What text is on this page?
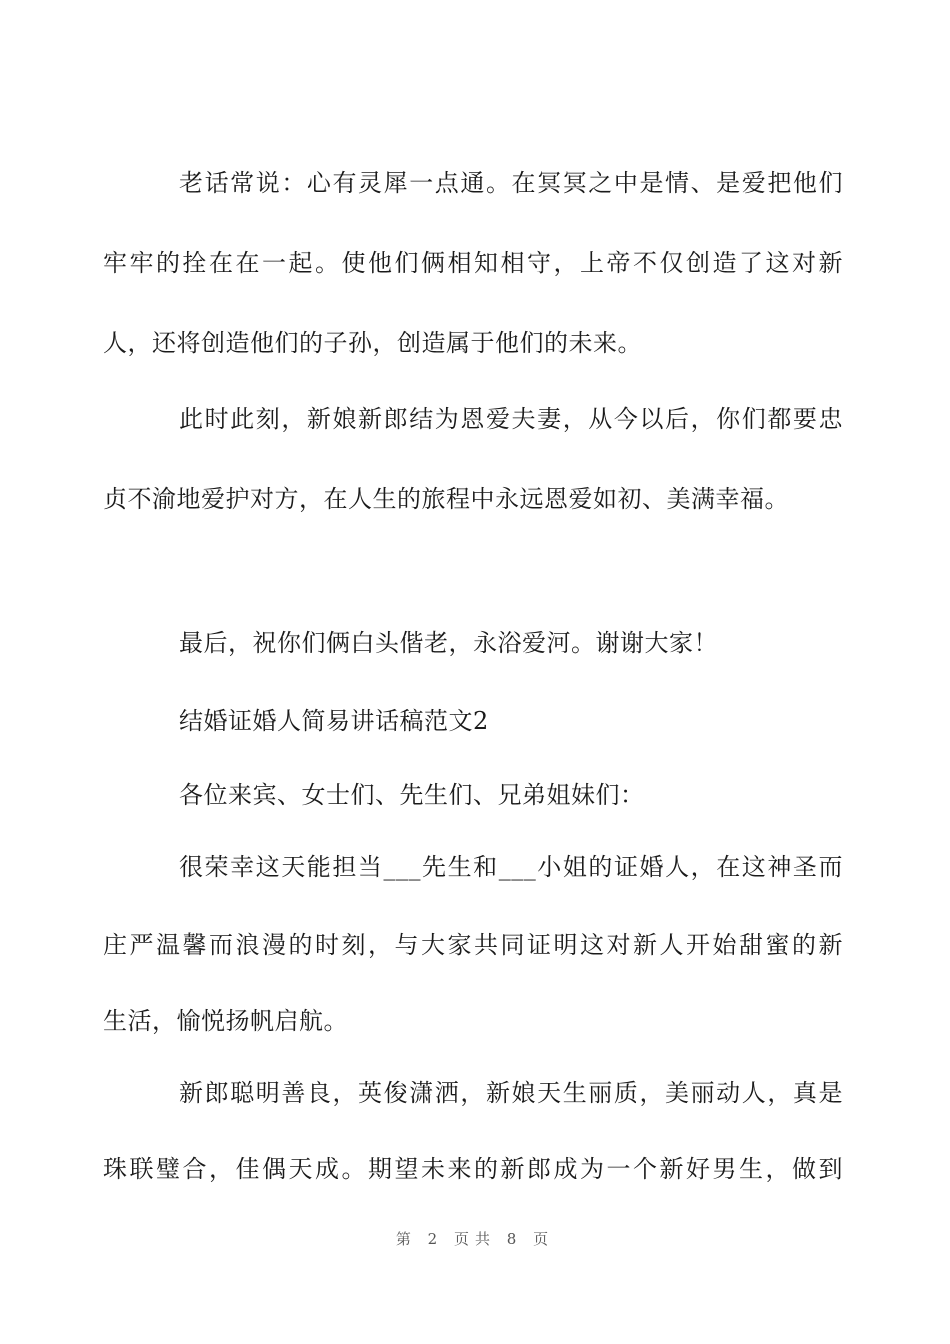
老话常说：心有灵犀一点通。在冥冥之中是情、是爱把他们
牢牢的拴在在一起。使他们俩相知相守，上帝不仅创造了这对新
人，还将创造他们的子孙，创造属于他们的未来。
此时此刻，新娘新郎结为恩爱夫妻，从今以后，你们都要忠
贞不渝地爱护对方，在人生的旅程中永远恩爱如初、美满幸福。
最后，祝你们俩白头偕老，永浴爱河。谢谢大家！
结婚证婚人简易讲话稿范文2
各位来宾、女士们、先生们、兄弟姐妹们：
很荣幸这天能担当___先生和___小姐的证婚人，在这神圣而
庄严温馨而浪漫的时刻，与大家共同证明这对新人开始甜蜜的新
生活，愉悦扬帆启航。
新郎聪明善良，英俊潇洒，新娘天生丽质，美丽动人，真是
珠联璧合，佳偶天成。期望未来的新郎成为一个新好男生，做到
第 2 页共 8 页
